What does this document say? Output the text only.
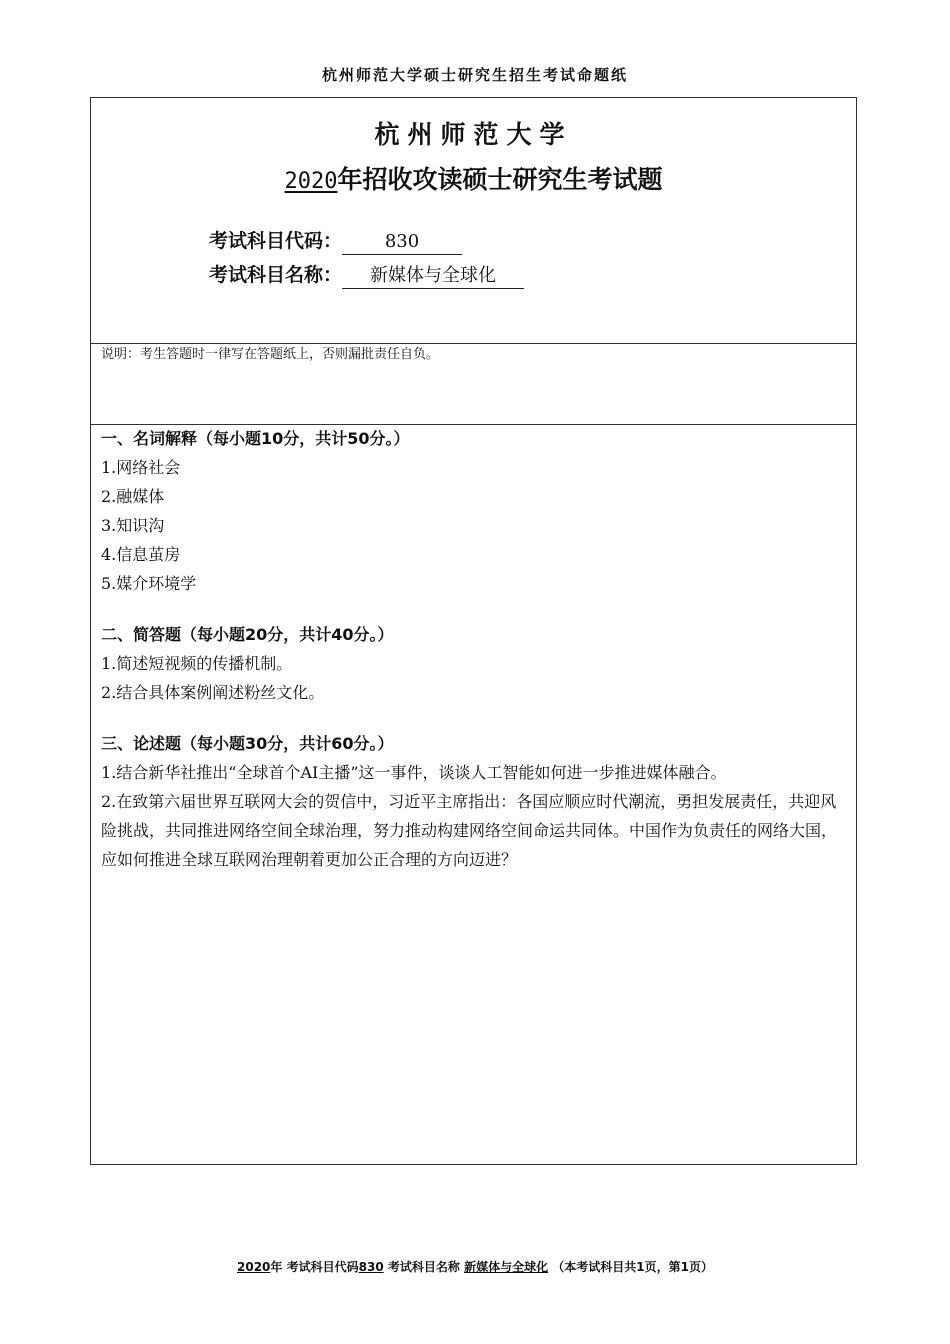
杭州师范大学硕士研究生招生考试命题纸
杭州师范大学
2020年招收攻读硕士研究生考试题
考试科目代码： 830
考试科目名称： 新媒体与全球化
说明：考生答题时一律写在答题纸上，否则漏批责任自负。
一、名词解释（每小题10分，共计50分。）
1.网络社会
2.融媒体
3.知识沟
4.信息茧房
5.媒介环境学
二、简答题（每小题20分，共计40分。）
1.简述短视频的传播机制。
2.结合具体案例阐述粉丝文化。
三、论述题（每小题30分，共计60分。）
1.结合新华社推出“全球首个AI主播”这一事件，谈谈人工智能如何进一步推进媒体融合。
2.在致第六届世界互联网大会的贺信中，习近平主席指出：各国应顺应时代潮流，勇担发展责任，共迎风险挑战，共同推进网络空间全球治理，努力推动构建网络空间命运共同体。中国作为负责任的网络大国，应如何推进全球互联网治理朝着更加公正合理的方向迈进？
2020年 考试科目代码830 考试科目名称 新媒体与全球化 （本考试科目共1页，第1页）
